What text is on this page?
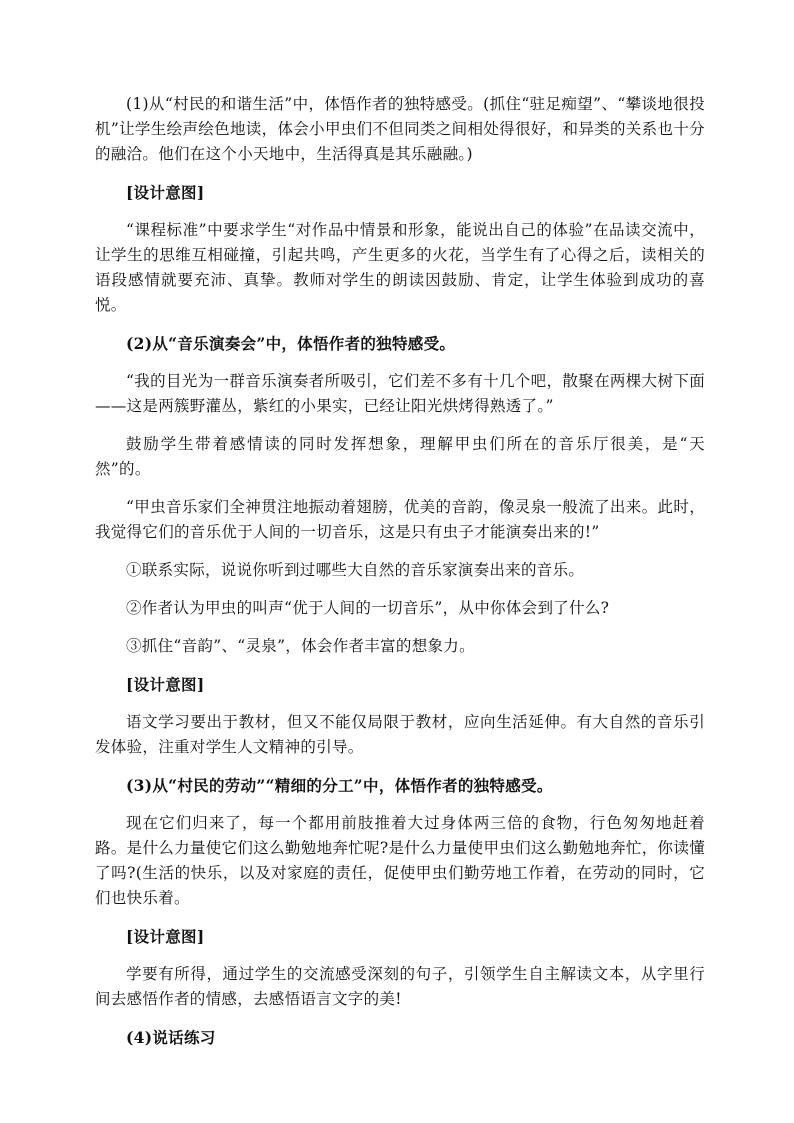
(1)从“村民的和谐生活”中，体悟作者的独特感受。(抓住“驻足痴望”、“攀谈地很投机”让学生绘声绘色地读，体会小甲虫们不但同类之间相处得很好，和异类的关系也十分的融洽。他们在这个小天地中，生活得真是其乐融融。)

[设计意图]

“课程标准”中要求学生“对作品中情景和形象，能说出自己的体验”在品读交流中，让学生的思维互相碰撞，引起共鸣，产生更多的火花，当学生有了心得之后，读相关的语段感情就要充沛、真挚。教师对学生的朗读因鼓励、肯定，让学生体验到成功的喜悦。

(2)从“音乐演奏会”中，体悟作者的独特感受。

“我的目光为一群音乐演奏者所吸引，它们差不多有十几个吧，散聚在两棵大树下面——这是两簇野灌丛，紫红的小果实，已经让阳光烘烤得熟透了。”

鼓励学生带着感情读的同时发挥想象，理解甲虫们所在的音乐厅很美，是“天然”的。

“甲虫音乐家们全神贯注地振动着翅膀，优美的音韵，像灵泉一般流了出来。此时，我觉得它们的音乐优于人间的一切音乐，这是只有虫子才能演奏出来的!”

①联系实际，说说你听到过哪些大自然的音乐家演奏出来的音乐。

②作者认为甲虫的叫声“优于人间的一切音乐”，从中你体会到了什么?

③抓住“音韵”、“灵泉”，体会作者丰富的想象力。

[设计意图]

语文学习要出于教材，但又不能仅局限于教材，应向生活延伸。有大自然的音乐引发体验，注重对学生人文精神的引导。

(3)从“村民的劳动”“精细的分工”中，体悟作者的独特感受。

现在它们归来了，每一个都用前肢推着大过身体两三倍的食物，行色匆匆地赶着路。是什么力量使它们这么勤勉地奔忙呢?是什么力量使甲虫们这么勤勉地奔忙，你读懂了吗?(生活的快乐，以及对家庭的责任，促使甲虫们勤劳地工作着，在劳动的同时，它们也快乐着。

[设计意图]

学要有所得，通过学生的交流感受深刻的句子，引领学生自主解读文本，从字里行间去感悟作者的情感，去感悟语言文字的美!

(4)说话练习
